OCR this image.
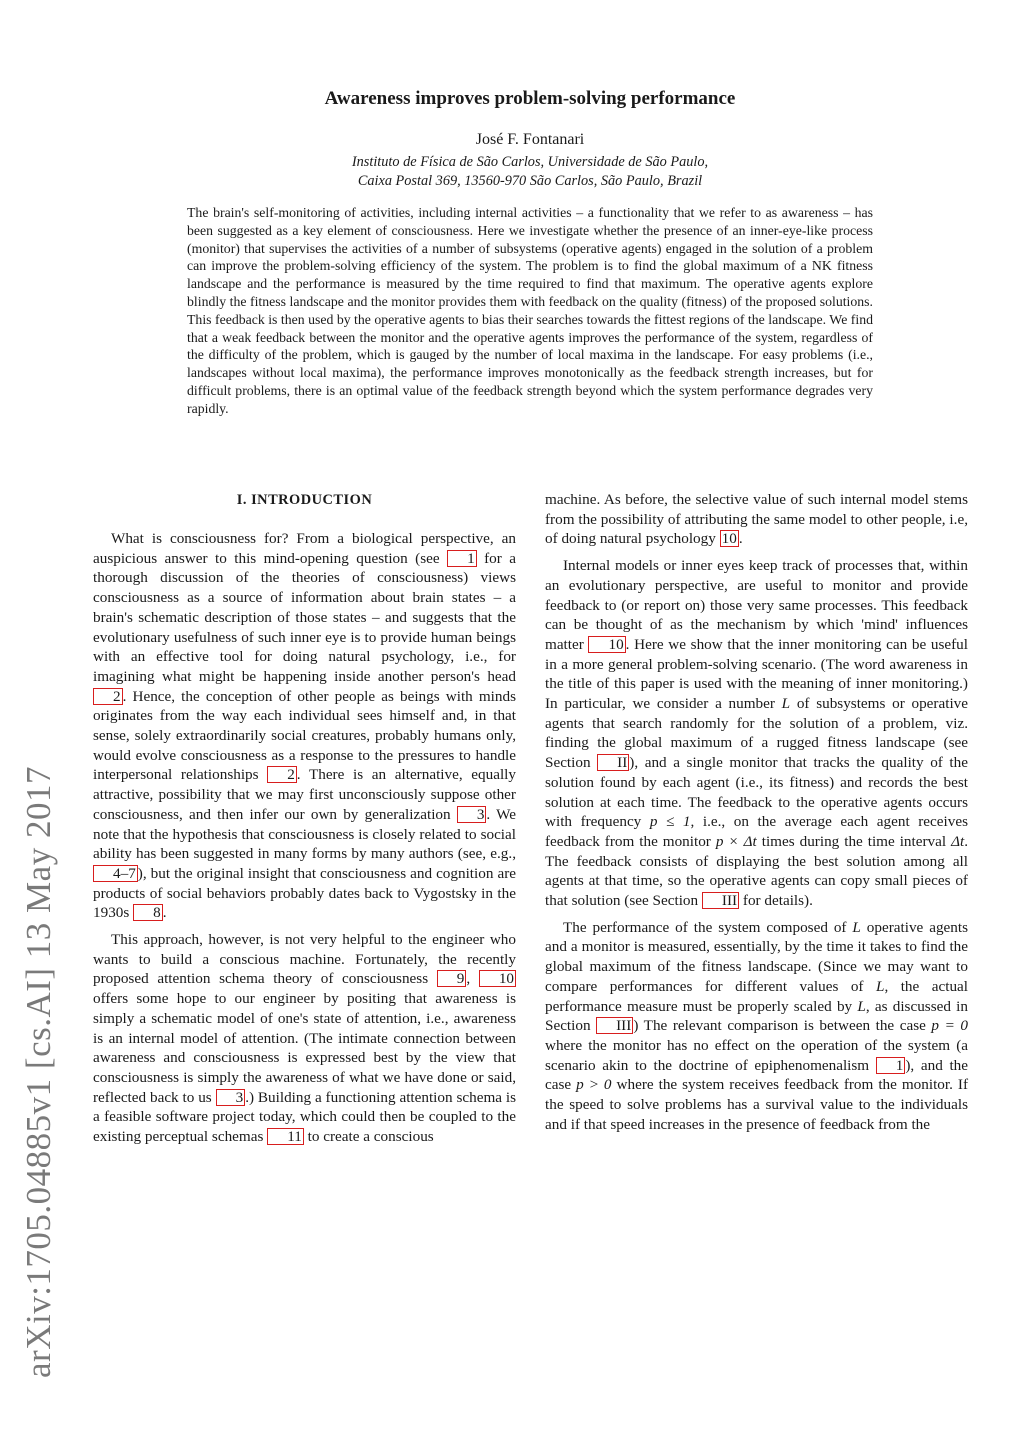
arXiv:1705.04885v1 [cs.AI] 13 May 2017
Awareness improves problem-solving performance
José F. Fontanari
Instituto de Física de São Carlos, Universidade de São Paulo,
Caixa Postal 369, 13560-970 São Carlos, São Paulo, Brazil

The brain's self-monitoring of activities, including internal activities – a functionality that we refer to as awareness – has been suggested as a key element of consciousness. Here we investigate whether the presence of an inner-eye-like process (monitor) that supervises the activities of a number of subsystems (operative agents) engaged in the solution of a problem can improve the problem-solving efficiency of the system. The problem is to find the global maximum of a NK fitness landscape and the performance is measured by the time required to find that maximum. The operative agents explore blindly the fitness landscape and the monitor provides them with feedback on the quality (fitness) of the proposed solutions. This feedback is then used by the operative agents to bias their searches towards the fittest regions of the landscape. We find that a weak feedback between the monitor and the operative agents improves the performance of the system, regardless of the difficulty of the problem, which is gauged by the number of local maxima in the landscape. For easy problems (i.e., landscapes without local maxima), the performance improves monotonically as the feedback strength increases, but for difficult problems, there is an optimal value of the feedback strength beyond which the system performance degrades very rapidly.

I. INTRODUCTION

What is consciousness for? From a biological perspective, an auspicious answer to this mind-opening question (see 1 for a thorough discussion of the theories of consciousness) views consciousness as a source of information about brain states – a brain's schematic description of those states – and suggests that the evolutionary usefulness of such inner eye is to provide human beings with an effective tool for doing natural psychology, i.e., for imagining what might be happening inside another person's head 2 . Hence, the conception of other people as beings with minds originates from the way each individual sees himself and, in that sense, solely extraordinarily social creatures, probably humans only, would evolve consciousness as a response to the pressures to handle interpersonal relationships 2 . There is an alternative, equally attractive, possibility that we may first unconsciously suppose other consciousness, and then infer our own by generalization 3 . We note that the hypothesis that consciousness is closely related to social ability has been suggested in many forms by many authors (see, e.g., 4–7 ), but the original insight that consciousness and cognition are products of social behaviors probably dates back to Vygostsky in the 1930s 8 .

This approach, however, is not very helpful to the engineer who wants to build a conscious machine. Fortunately, the recently proposed attention schema theory of consciousness 9 , 10 offers some hope to our engineer by positing that awareness is simply a schematic model of one's state of attention, i.e., awareness is an internal model of attention. (The intimate connection between awareness and consciousness is expressed best by the view that consciousness is simply the awareness of what we have done or said, reflected back to us 3 .) Building a functioning attention schema is a feasible software project today, which could then be coupled to the existing perceptual schemas 11 to create a conscious

machine. As before, the selective value of such internal model stems from the possibility of attributing the same model to other people, i.e, of doing natural psychology 10 .

Internal models or inner eyes keep track of processes that, within an evolutionary perspective, are useful to monitor and provide feedback to (or report on) those very same processes. This feedback can be thought of as the mechanism by which 'mind' influences matter 10 . Here we show that the inner monitoring can be useful in a more general problem-solving scenario. (The word awareness in the title of this paper is used with the meaning of inner monitoring.) In particular, we consider a number L of subsystems or operative agents that search randomly for the solution of a problem, viz. finding the global maximum of a rugged fitness landscape (see Section II ), and a single monitor that tracks the quality of the solution found by each agent (i.e., its fitness) and records the best solution at each time. The feedback to the operative agents occurs with frequency p ≤ 1, i.e., on the average each agent receives feedback from the monitor p × Δt times during the time interval Δt. The feedback consists of displaying the best solution among all agents at that time, so the operative agents can copy small pieces of that solution (see Section III for details).

The performance of the system composed of L operative agents and a monitor is measured, essentially, by the time it takes to find the global maximum of the fitness landscape. (Since we may want to compare performances for different values of L, the actual performance measure must be properly scaled by L, as discussed in Section III ) The relevant comparison is between the case p = 0 where the monitor has no effect on the operation of the system (a scenario akin to the doctrine of epiphenomenalism 1 ), and the case p > 0 where the system receives feedback from the monitor. If the speed to solve problems has a survival value to the individuals and if that speed increases in the presence of feedback from the
